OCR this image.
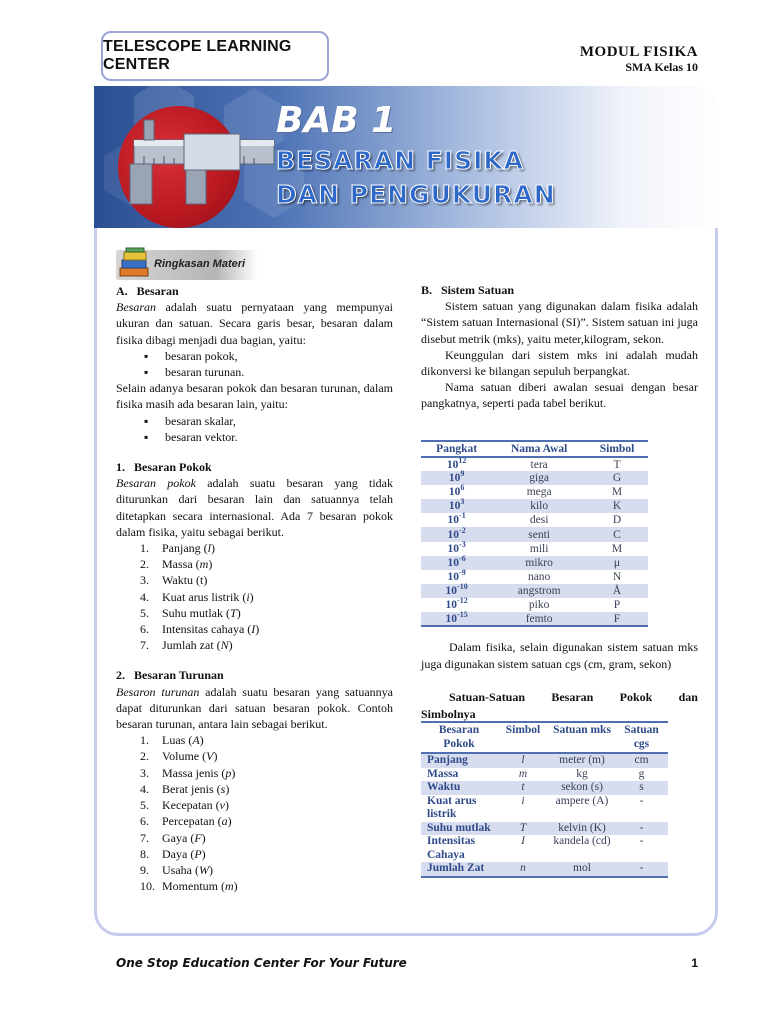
TELESCOPE LEARNING CENTER
MODUL FISIKA
SMA Kelas 10
BAB 1
BESARAN FISIKA
DAN PENGUKURAN
Ringkasan Materi

A.   Besaran

Besaran adalah suatu pernyataan yang mempunyai ukuran dan satuan. Secara garis besar, besaran dalam fisika dibagi menjadi dua bagian, yaitu:

▪ besaran pokok,
▪ besaran turunan.

Selain adanya besaran pokok dan besaran turunan, dalam fisika masih ada besaran lain, yaitu:

▪ besaran skalar,
▪ besaran vektor.

1.   Besaran Pokok

Besaran pokok adalah suatu besaran yang tidak diturunkan dari besaran lain dan satuannya telah ditetapkan secara internasional. Ada 7 besaran pokok dalam fisika, yaitu sebagai berikut.

1. Panjang (l)
2. Massa (m)
3. Waktu (t)
4. Kuat arus listrik (i)
5. Suhu mutlak (T)
6. Intensitas cahaya (I)
7. Jumlah zat (N)

2.   Besaran Turunan

Besaron turunan adalah suatu besaran yang satuannya dapat diturunkan dari satuan besaran pokok. Contoh besaran turunan, antara lain sebagai berikut.

1. Luas (A)
2. Volume (V)
3. Massa jenis (p)
4. Berat jenis (s)
5. Kecepatan (v)
6. Percepatan (a)
7. Gaya (F)
8. Daya (P)
9. Usaha (W)
10. Momentum (m)

B.   Sistem Satuan

Sistem satuan yang digunakan dalam fisika adalah “Sistem satuan Internasional (SI)”. Sistem satuan ini juga disebut metrik (mks), yaitu meter,kilogram, sekon.

Keunggulan dari sistem mks ini adalah mudah dikonversi ke bilangan sepuluh berpangkat.

Nama satuan diberi awalan sesuai dengan besar pangkatnya, seperti pada tabel berikut.

Pangkat	Nama Awal	Simbol
$10^{12}$	tera	T
$10^9$	giga	G
$10^6$	mega	M
$10^3$	kilo	K
$10^{-1}$	desi	D
$10^{-2}$	senti	C
$10^{-3}$	mili	M
$10^{-6}$	mikro	μ
$10^{-9}$	nano	N
$10^{-10}$	angstrom	Å
$10^{-12}$	piko	P
$10^{-15}$	femto	F
Dalam fisika, selain digunakan sistem satuan mks juga digunakan sistem satuan cgs (cm, gram, sekon)
Satuan-Satuan Besaran Pokok dan
Simbolnya
Besaran Pokok	Simbol	Satuan mks	Satuan cgs
Panjang	l	meter (m)	cm
Massa	m	kg	g
Waktu	t	sekon (s)	s
Kuat arus listrik	i	ampere (A)	-
Suhu mutlak	T	kelvin (K)	-
Intensitas Cahaya	I	kandela (cd)	-
Jumlah Zat	n	mol	-
One Stop Education Center For Your Future	1
